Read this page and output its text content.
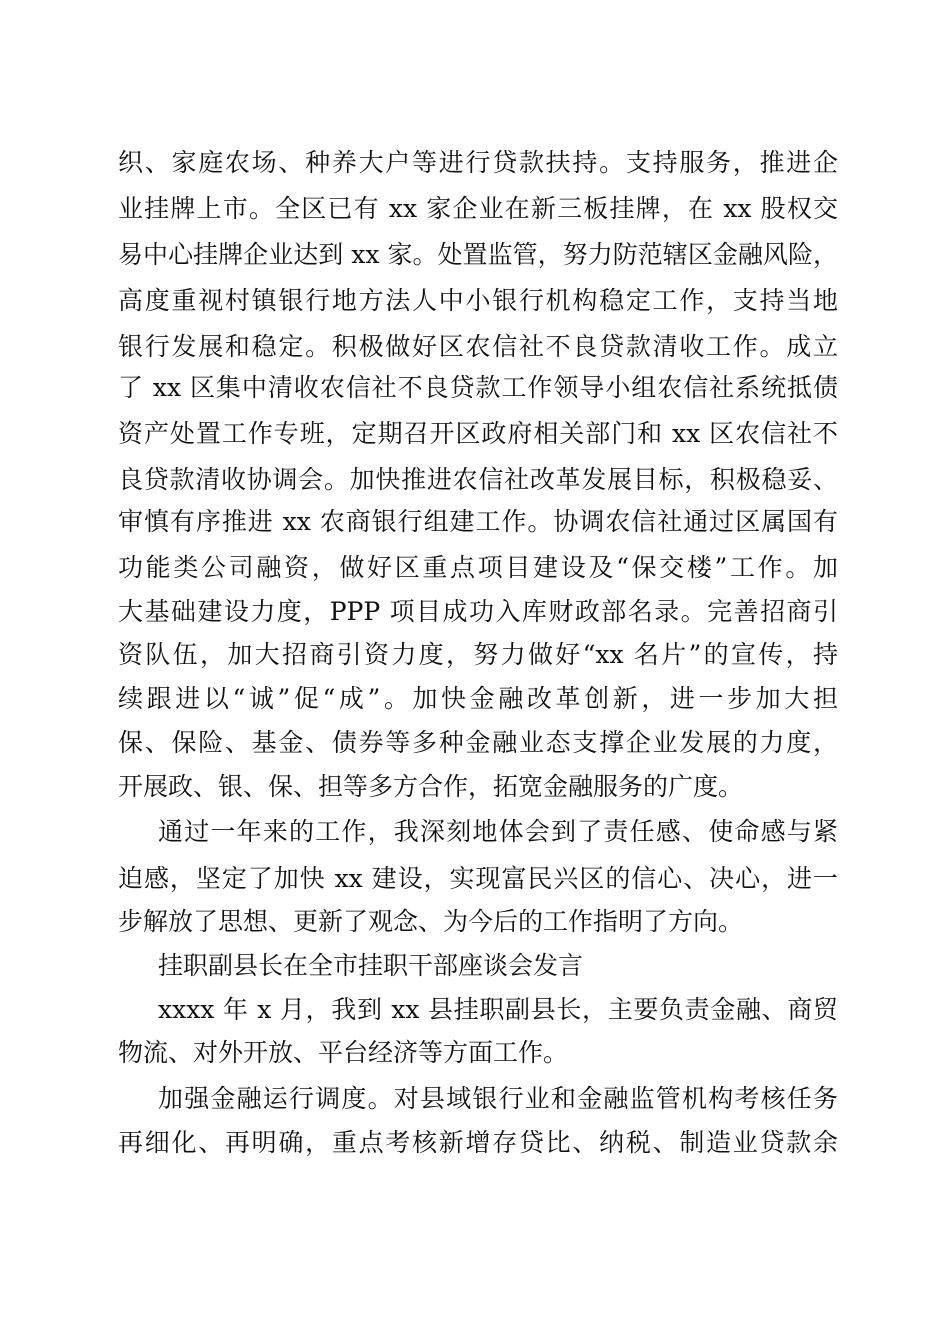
织、家庭农场、种养大户等进行贷款扶持。支持服务，推进企
业挂牌上市。全区已有 xx 家企业在新三板挂牌，在 xx 股权交
易中心挂牌企业达到 xx 家。处置监管，努力防范辖区金融风险，
高度重视村镇银行地方法人中小银行机构稳定工作，支持当地
银行发展和稳定。积极做好区农信社不良贷款清收工作。成立
了 xx 区集中清收农信社不良贷款工作领导小组农信社系统抵债
资产处置工作专班，定期召开区政府相关部门和 xx 区农信社不
良贷款清收协调会。加快推进农信社改革发展目标，积极稳妥、
审慎有序推进 xx 农商银行组建工作。协调农信社通过区属国有
功能类公司融资，做好区重点项目建设及“保交楼”工作。加
大基础建设力度，PPP 项目成功入库财政部名录。完善招商引
资队伍，加大招商引资力度，努力做好“xx 名片”的宣传，持
续跟进以“诚”促“成”。加快金融改革创新，进一步加大担
保、保险、基金、债券等多种金融业态支撑企业发展的力度，
开展政、银、保、担等多方合作，拓宽金融服务的广度。
通过一年来的工作，我深刻地体会到了责任感、使命感与紧
迫感，坚定了加快 xx 建设，实现富民兴区的信心、决心，进一
步解放了思想、更新了观念、为今后的工作指明了方向。
挂职副县长在全市挂职干部座谈会发言
xxxx 年 x 月，我到 xx 县挂职副县长，主要负责金融、商贸
物流、对外开放、平台经济等方面工作。
加强金融运行调度。对县域银行业和金融监管机构考核任务
再细化、再明确，重点考核新增存贷比、纳税、制造业贷款余
